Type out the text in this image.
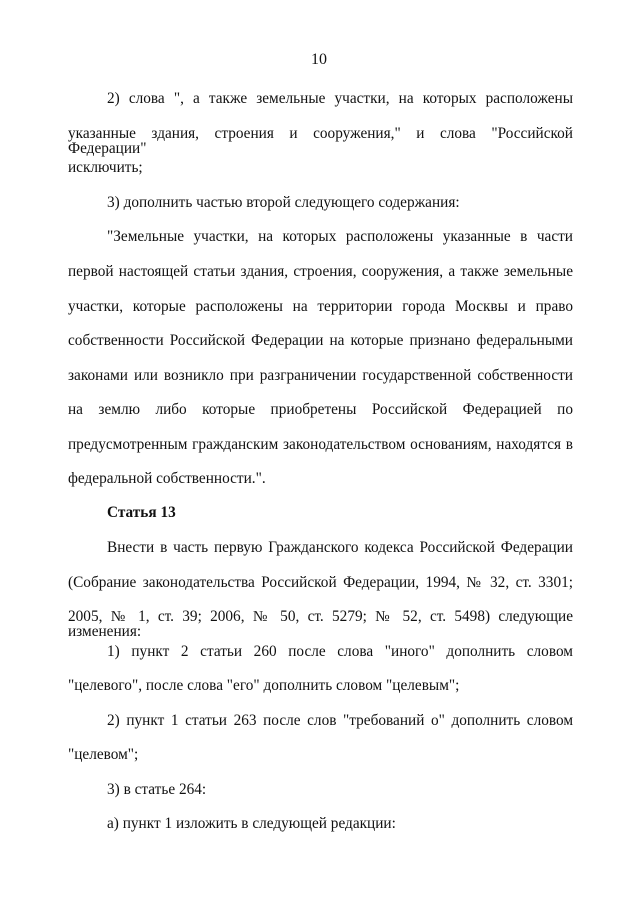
10
2) слова ", а также земельные участки, на которых расположены
указанные здания, строения и сооружения," и слова "Российской Федерации"
исключить;
3) дополнить частью второй следующего содержания:
"Земельные участки, на которых расположены указанные в части
первой настоящей статьи здания, строения, сооружения, а также земельные
участки, которые расположены на территории города Москвы и право
собственности Российской Федерации на которые признано федеральными
законами или возникло при разграничении государственной собственности
на землю либо которые приобретены Российской Федерацией по
предусмотренным гражданским законодательством основаниям, находятся в
федеральной собственности.".
Статья 13
Внести в часть первую Гражданского кодекса Российской Федерации
(Собрание законодательства Российской Федерации, 1994, № 32, ст. 3301;
2005, № 1, ст. 39; 2006, № 50, ст. 5279; № 52, ст. 5498) следующие изменения:
1) пункт 2 статьи 260 после слова "иного" дополнить словом
"целевого", после слова "его" дополнить словом "целевым";
2) пункт 1 статьи 263 после слов "требований о" дополнить словом
"целевом";
3) в статье 264:
а) пункт 1 изложить в следующей редакции:
